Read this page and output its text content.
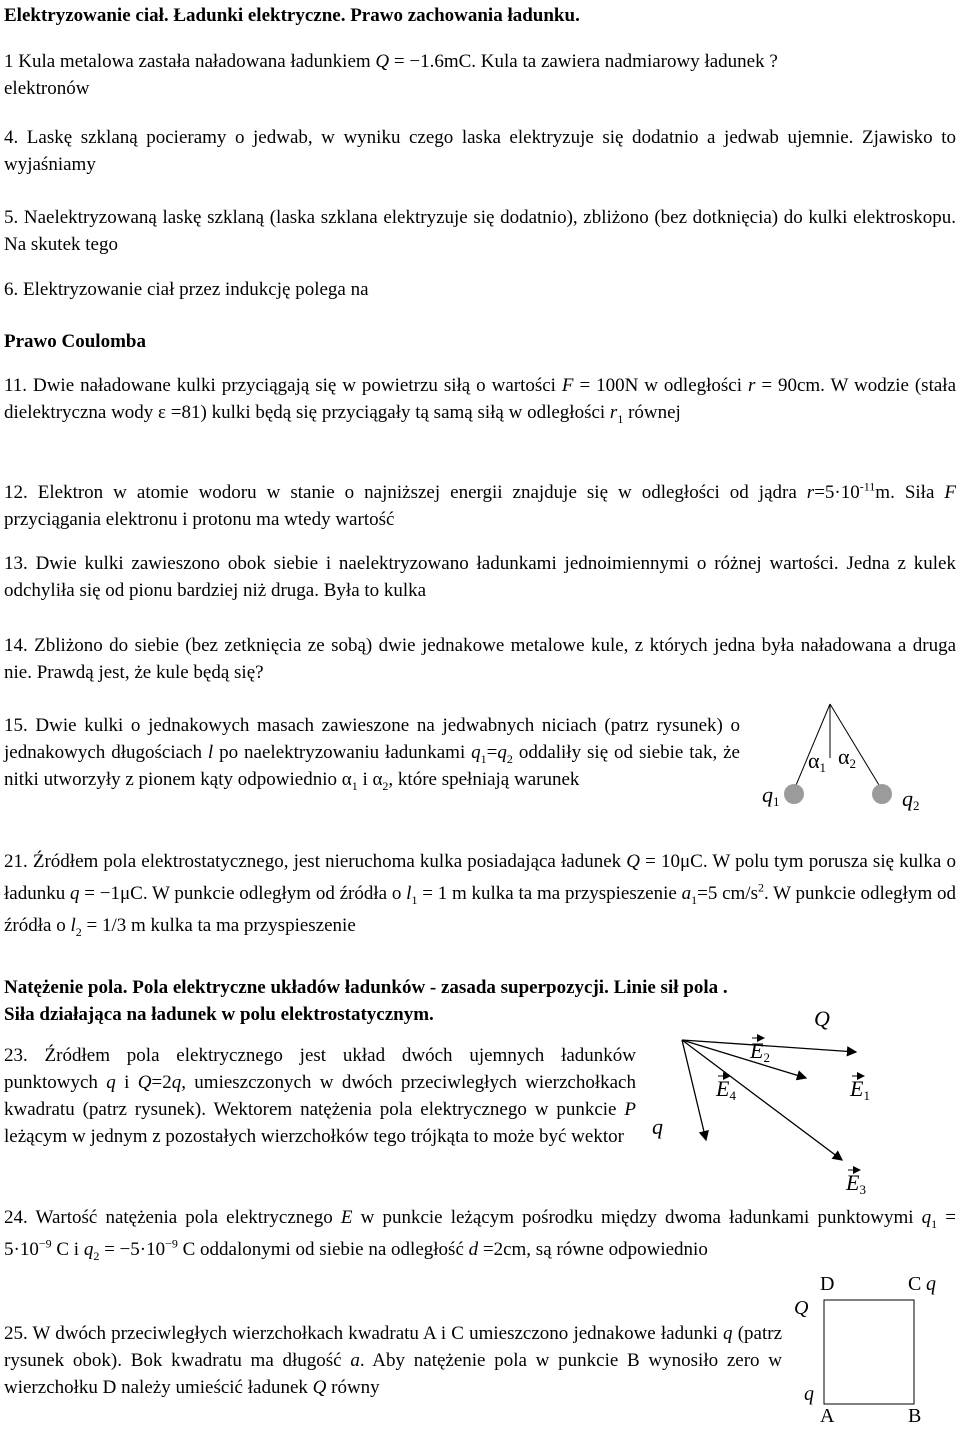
Elektryzowanie ciał. Ładunki elektryczne. Prawo zachowania ładunku.
1 Kula metalowa zastała naładowana ładunkiem Q = −1.6mC. Kula ta zawiera nadmiarowy ładunek ?
elektronów

4. Laskę szklaną pocieramy o jedwab, w wyniku czego laska elektryzuje się dodatnio a jedwab ujemnie. Zjawisko to wyjaśniamy

5. Naelektryzowaną laskę szklaną (laska szklana elektryzuje się dodatnio), zbliżono (bez dotknięcia) do kulki elektroskopu. Na skutek tego

6. Elektryzowanie ciał przez indukcję polega na

Prawo Coulomba

11. Dwie naładowane kulki przyciągają się w powietrzu siłą o wartości F = 100N w odległości r = 90cm. W wodzie (stała dielektryczna wody ε =81) kulki będą się przyciągały tą samą siłą w odległości $r_1$ równej

12. Elektron w atomie wodoru w stanie o najniższej energii znajduje się w odległości od jądra $r=5\cdot 10^{-11}m$. Siła F przyciągania elektronu i protonu ma wtedy wartość

13. Dwie kulki zawieszono obok siebie i naelektryzowano ładunkami jednoimiennymi o różnej wartości. Jedna z kulek odchyliła się od pionu bardziej niż druga. Była to kulka

14. Zbliżono do siebie (bez zetknięcia ze sobą) dwie jednakowe metalowe kule, z których jedna była naładowana a druga nie. Prawdą jest, że kule będą się?

15. Dwie kulki o jednakowych masach zawieszone na jedwabnych niciach (patrz rysunek) o jednakowych długościach l po naelektryzowaniu ładunkami $q_1=q_2$ oddaliły się od siebie tak, że nitki utworzyły z pionem kąty odpowiednio $\alpha_1$ i $\alpha_2$, które spełniają warunek

α1 α2
q1	q2

21. Źródłem pola elektrostatycznego, jest nieruchoma kulka posiadająca ładunek Q = 10μC. W polu tym porusza się kulka o ładunku q = −1μC. W punkcie odległym od źródła o $l_1 = 1$ m kulka ta ma przyspieszenie $a_1=5$ $cm/s^2$. W punkcie odległym od źródła o $l_2 = 1/3$ m kulka ta ma przyspieszenie

Natężenie pola. Pola elektryczne układów ładunków - zasada superpozycji. Linie sił pola .
Siła działająca na ładunek w polu elektrostatycznym.

23. Źródłem pola elektrycznego jest układ dwóch ujemnych ładunków punktowych q i Q=2q, umieszczonych w dwóch przeciwległych wierzchołkach kwadratu (patrz rysunek). Wektorem natężenia pola elektrycznego w punkcie P leżącym w jednym z pozostałych wierzchołków tego trójkąta to może być wektor

Q
q
E2
E4	E1
E3

24. Wartość natężenia pola elektrycznego E w punkcie leżącym pośrodku między dwoma ładunkami punktowymi $q_1 = 5\cdot 10^{-9}$ C i $q_2 = -5\cdot 10^{-9}$ C oddalonymi od siebie na odległość d =2cm, są równe odpowiednio

25. W dwóch przeciwległych wierzchołkach kwadratu A i C umieszczono jednakowe ładunki q (patrz rysunek obok). Bok kwadratu ma długość a. Aby natężenie pola w punkcie B wynosiło zero w wierzchołku D należy umieścić ładunek Q równy

D	C
Q
q
q
A	B
